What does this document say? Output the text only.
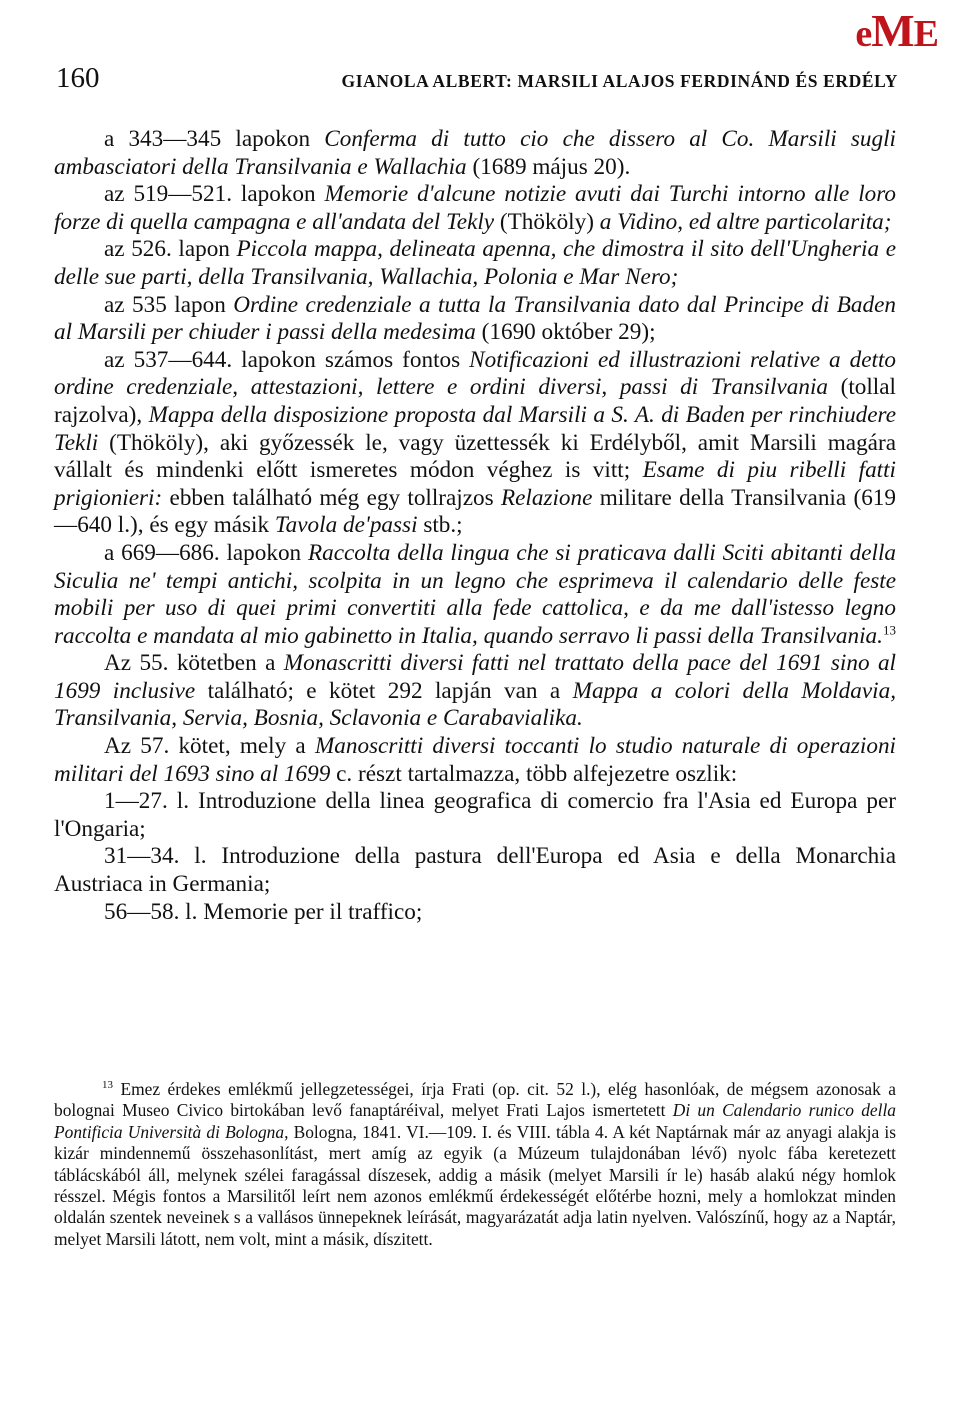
eME
160	GIANOLA ALBERT: MARSILI ALAJOS FERDINÁND ÉS ERDÉLY

a 343—345 lapokon Conferma di tutto cio che dissero al Co. Marsili sugli ambasciatori della Transilvania e Wallachia (1689 május 20).

az 519—521. lapokon Memorie d'alcune notizie avuti dai Turchi intorno alle loro forze di quella campagna e all'andata del Tekly (Thököly) a Vidino, ed altre particolarita;

az 526. lapon Piccola mappa, delineata apenna, che dimostra il sito dell'Ungheria e delle sue parti, della Transilvania, Wallachia, Polonia e Mar Nero;

az 535 lapon Ordine credenziale a tutta la Transilvania dato dal Principe di Baden al Marsili per chiuder i passi della medesima (1690 október 29);

az 537—644. lapokon számos fontos Notificazioni ed illustrazioni relative a detto ordine credenziale, attestazioni, lettere e ordini diversi, passi di Transilvania (tollal rajzolva), Mappa della disposizione proposta dal Marsili a S. A. di Baden per rinchiudere Tekli (Thököly), aki győzessék le, vagy üzettessék ki Erdélyből, amit Marsili magára vállalt és mindenki előtt ismeretes módon véghez is vitt; Esame di piu ribelli fatti prigionieri: ebben található még egy tollrajzos Relazione militare della Transilvania (619—640 l.), és egy másik Tavola de'passi stb.;

a 669—686. lapokon Raccolta della lingua che si praticava dalli Sciti abitanti della Siculia ne' tempi antichi, scolpita in un legno che esprimeva il calendario delle feste mobili per uso di quei primi convertiti alla fede cattolica, e da me dall'istesso legno raccolta e mandata al mio gabinetto in Italia, quando serravo li passi della Transilvania.$^{13}$

Az 55. kötetben a Monascritti diversi fatti nel trattato della pace del 1691 sino al 1699 inclusive található; e kötet 292 lapján van a Mappa a colori della Moldavia, Transilvania, Servia, Bosnia, Sclavonia e Carabavialika.

Az 57. kötet, mely a Manoscritti diversi toccanti lo studio naturale di operazioni militari del 1693 sino al 1699 c. részt tartalmazza, több alfejezetre oszlik:

1—27. l. Introduzione della linea geografica di comercio fra l'Asia ed Europa per l'Ongaria;

31—34. l. Introduzione della pastura dell'Europa ed Asia e della Monarchia Austriaca in Germania;

56—58. l. Memorie per il traffico;

$^{13}$ Emez érdekes emlékmű jellegzetességei, írja Frati (op. cit. 52 l.), elég hasonlóak, de mégsem azonosak a bolognai Museo Civico birtokában levő fanaptáréival, melyet Frati Lajos ismertetett Di un Calendario runico della Pontificia Università di Bologna, Bologna, 1841. VI.—109. I. és VIII. tábla 4. A két Naptárnak már az anyagi alakja is kizár mindennemű összehasonlítást, mert amíg az egyik (a Múzeum tulajdonában lévő) nyolc fába keretezett táblácskából áll, melynek szélei faragással díszesek, addig a másik (melyet Marsili ír le) hasáb alakú négy homlok résszel. Mégis fontos a Marsilitől leírt nem azonos emlékmű érdekességét előtérbe hozni, mely a homlokzat minden oldalán szentek neveinek s a vallásos ünnepeknek leírását, magyarázatát adja latin nyelven. Valószínű, hogy az a Naptár, melyet Marsili látott, nem volt, mint a másik, díszitett.
